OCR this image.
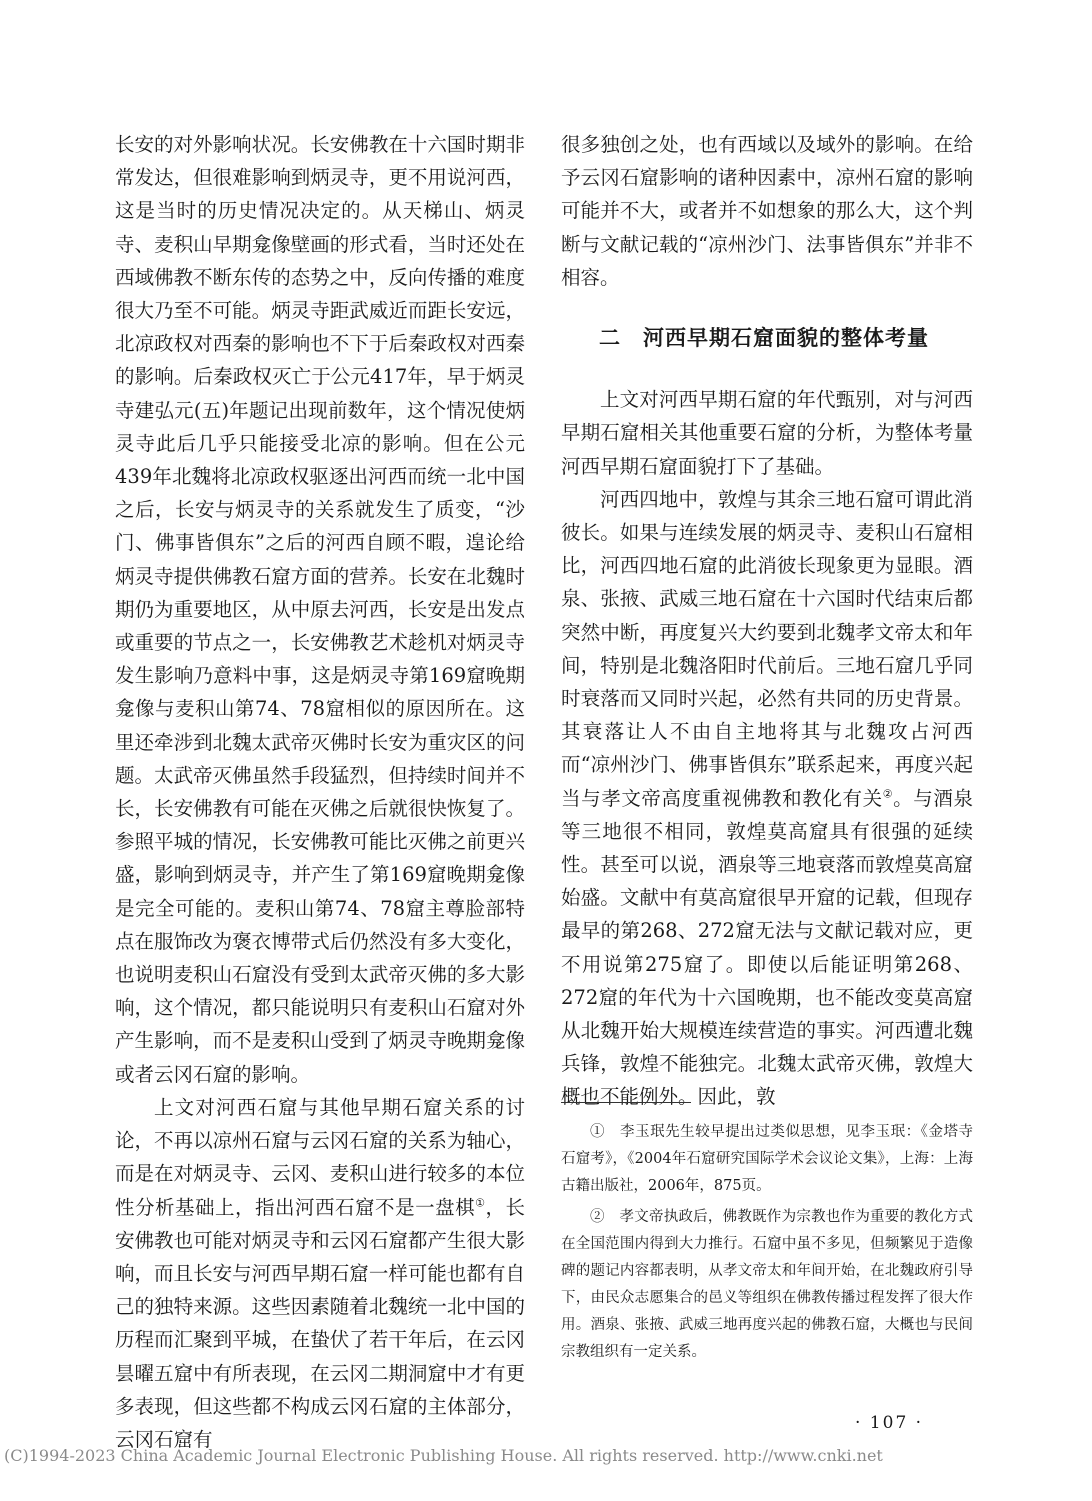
长安的对外影响状况。长安佛教在十六国时期非常发达，但很难影响到炳灵寺，更不用说河西，这是当时的历史情况决定的。从天梯山、炳灵寺、麦积山早期龛像壁画的形式看，当时还处在西域佛教不断东传的态势之中，反向传播的难度很大乃至不可能。炳灵寺距武威近而距长安远，北凉政权对西秦的影响也不下于后秦政权对西秦的影响。后秦政权灭亡于公元417年，早于炳灵寺建弘元(五)年题记出现前数年，这个情况使炳灵寺此后几乎只能接受北凉的影响。但在公元439年北魏将北凉政权驱逐出河西而统一北中国之后，长安与炳灵寺的关系就发生了质变，“沙门、佛事皆俱东”之后的河西自顾不暇，遑论给炳灵寺提供佛教石窟方面的营养。长安在北魏时期仍为重要地区，从中原去河西，长安是出发点或重要的节点之一，长安佛教艺术趁机对炳灵寺发生影响乃意料中事，这是炳灵寺第169窟晚期龛像与麦积山第74、78窟相似的原因所在。这里还牵涉到北魏太武帝灭佛时长安为重灾区的问题。太武帝灭佛虽然手段猛烈，但持续时间并不长，长安佛教有可能在灭佛之后就很快恢复了。参照平城的情况，长安佛教可能比灭佛之前更兴盛，影响到炳灵寺，并产生了第169窟晚期龛像是完全可能的。麦积山第74、78窟主尊脸部特点在服饰改为褒衣博带式后仍然没有多大变化，也说明麦积山石窟没有受到太武帝灭佛的多大影响，这个情况，都只能说明只有麦积山石窟对外产生影响，而不是麦积山受到了炳灵寺晚期龛像或者云冈石窟的影响。

上文对河西石窟与其他早期石窟关系的讨论，不再以凉州石窟与云冈石窟的关系为轴心，而是在对炳灵寺、云冈、麦积山进行较多的本位性分析基础上，指出河西石窟不是一盘棋①，长安佛教也可能对炳灵寺和云冈石窟都产生很大影响，而且长安与河西早期石窟一样可能也都有自己的独特来源。这些因素随着北魏统一北中国的历程而汇聚到平城，在蛰伏了若干年后，在云冈昙曜五窟中有所表现，在云冈二期洞窟中才有更多表现，但这些都不构成云冈石窟的主体部分，云冈石窟有

很多独创之处，也有西域以及域外的影响。在给予云冈石窟影响的诸种因素中，凉州石窟的影响可能并不大，或者并不如想象的那么大，这个判断与文献记载的“凉州沙门、法事皆俱东”并非不相容。

二　河西早期石窟面貌的整体考量

上文对河西早期石窟的年代甄别，对与河西早期石窟相关其他重要石窟的分析，为整体考量河西早期石窟面貌打下了基础。

河西四地中，敦煌与其余三地石窟可谓此消彼长。如果与连续发展的炳灵寺、麦积山石窟相比，河西四地石窟的此消彼长现象更为显眼。酒泉、张掖、武威三地石窟在十六国时代结束后都突然中断，再度复兴大约要到北魏孝文帝太和年间，特别是北魏洛阳时代前后。三地石窟几乎同时衰落而又同时兴起，必然有共同的历史背景。其衰落让人不由自主地将其与北魏攻占河西而“凉州沙门、佛事皆俱东”联系起来，再度兴起当与孝文帝高度重视佛教和教化有关②。与酒泉等三地很不相同，敦煌莫高窟具有很强的延续性。甚至可以说，酒泉等三地衰落而敦煌莫高窟始盛。文献中有莫高窟很早开窟的记载，但现存最早的第268、272窟无法与文献记载对应，更不用说第275窟了。即使以后能证明第268、272窟的年代为十六国晚期，也不能改变莫高窟从北魏开始大规模连续营造的事实。河西遭北魏兵锋，敦煌不能独完。北魏太武帝灭佛，敦煌大概也不能例外。因此，敦

①　李玉珉先生较早提出过类似思想，见李玉珉：《金塔寺石窟考》，《2004年石窟研究国际学术会议论文集》，上海：上海古籍出版社，2006年，875页。

②　孝文帝执政后，佛教既作为宗教也作为重要的教化方式在全国范围内得到大力推行。石窟中虽不多见，但频繁见于造像碑的题记内容都表明，从孝文帝太和年间开始，在北魏政府引导下，由民众志愿集合的邑义等组织在佛教传播过程发挥了很大作用。酒泉、张掖、武威三地再度兴起的佛教石窟，大概也与民间宗教组织有一定关系。

· 107 ·
(C)1994-2023 China Academic Journal Electronic Publishing House. All rights reserved. http://www.cnki.net
